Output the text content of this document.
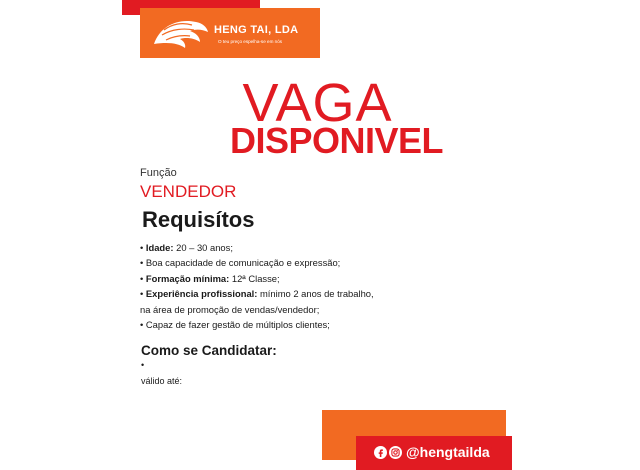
HENG TAI, LDA
O teu preço espelha-se em nós
VAGA
DISPONIVEL
Função
VENDEDOR
Requisítos
• Idade: 20 – 30 anos;
• Boa capacidade de comunicação e expressão;
• Formação mínima: 12ª Classe;
• Experiência profissional: mínimo 2 anos de trabalho,
na área de promoção de vendas/vendedor;
• Capaz de fazer gestão de múltiplos clientes;
Como se Candidatar:
•
válido até:
@hengtailda
